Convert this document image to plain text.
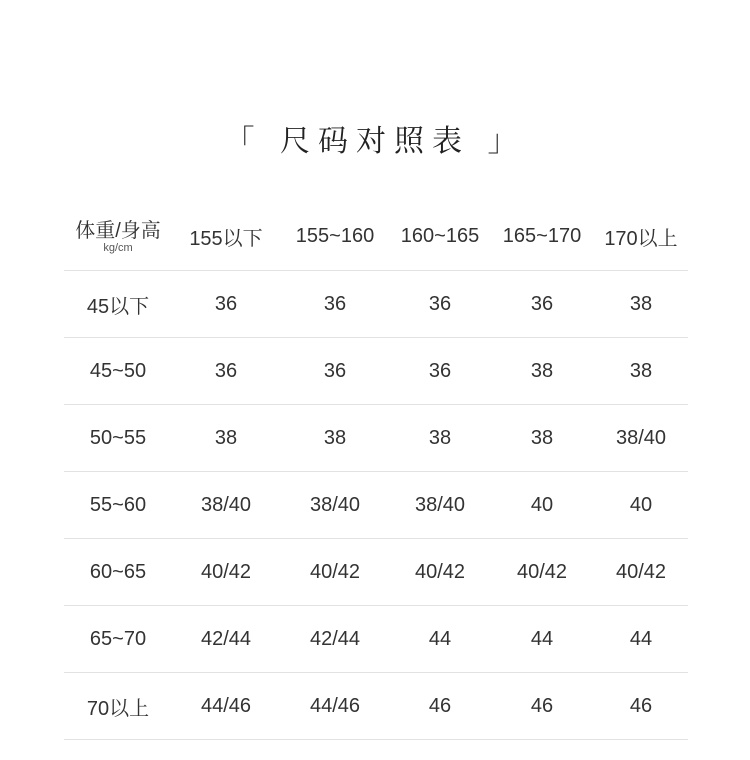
「 尺码对照表 」
体重/身高
kg/cm	155以下	155~160	160~165	165~170	170以上
45以下	36	36	36	36	38
45~50	36	36	36	38	38
50~55	38	38	38	38	38/40
55~60	38/40	38/40	38/40	40	40
60~65	40/42	40/42	40/42	40/42	40/42
65~70	42/44	42/44	44	44	44
70以上	44/46	44/46	46	46	46
